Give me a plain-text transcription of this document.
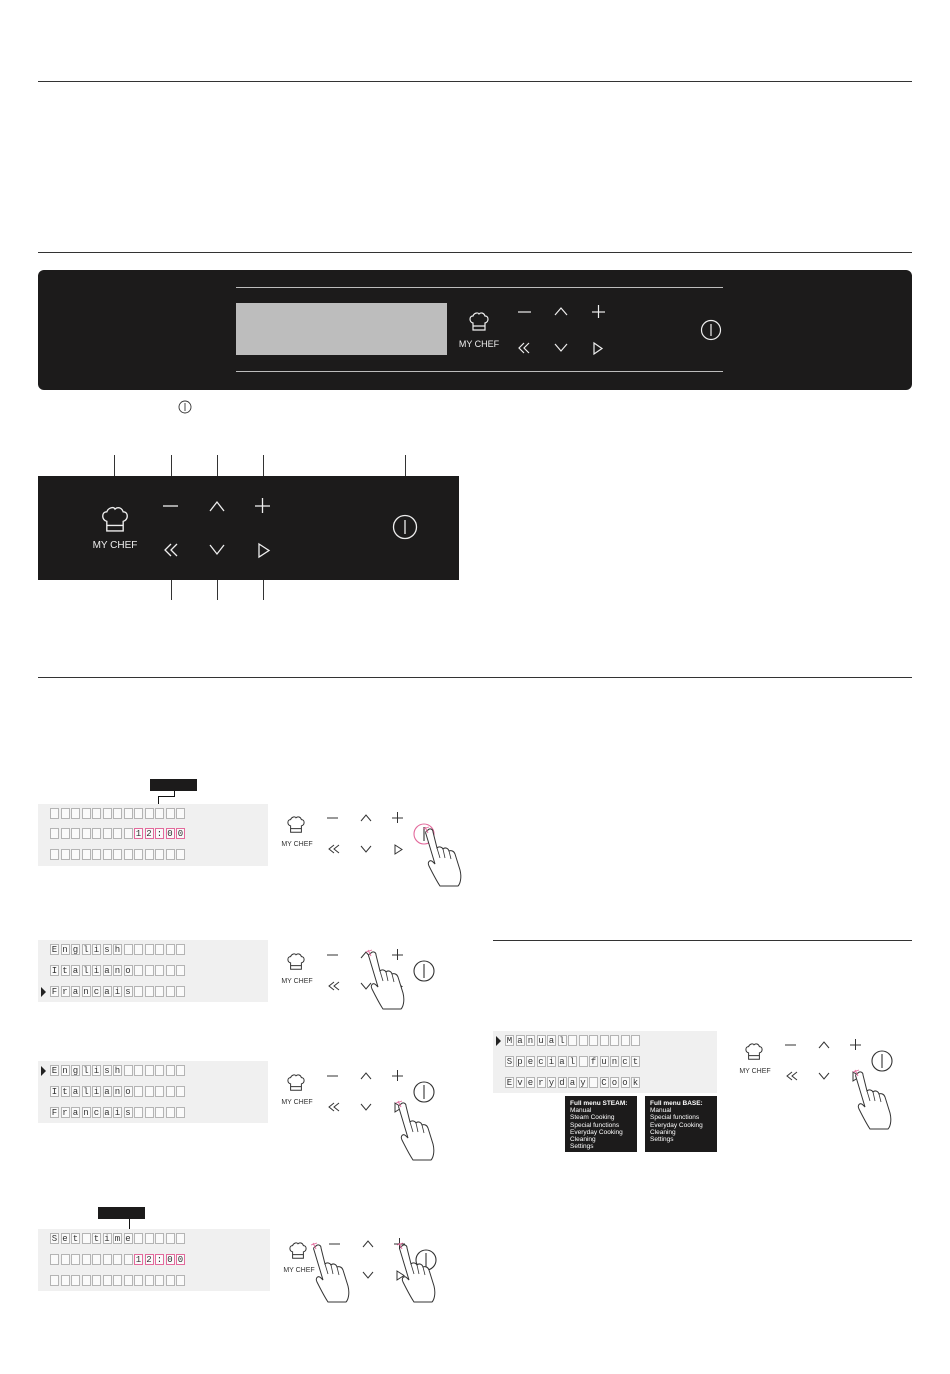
MY CHEF
MY CHEF
1 2 : 0 0
MY CHEF
E n g l i s h
I t a l i a n o
F r a n c a i s
MY CHEF
E n g l i s h
I t a l i a n o
F r a n c a i s
MY CHEF
S e t t i m e
1 2 : 0 0
MY CHEF
M a n u a l
S p e c i a l f u n c t
E v e r y d a y C o o k
Full menu STEAM:
Manual
Steam Cooking
Special functions
Everyday Cooking
Cleaning
Settings
Full menu BASE:
Manual
Special functions
Everyday Cooking
Cleaning
Settings
MY CHEF
